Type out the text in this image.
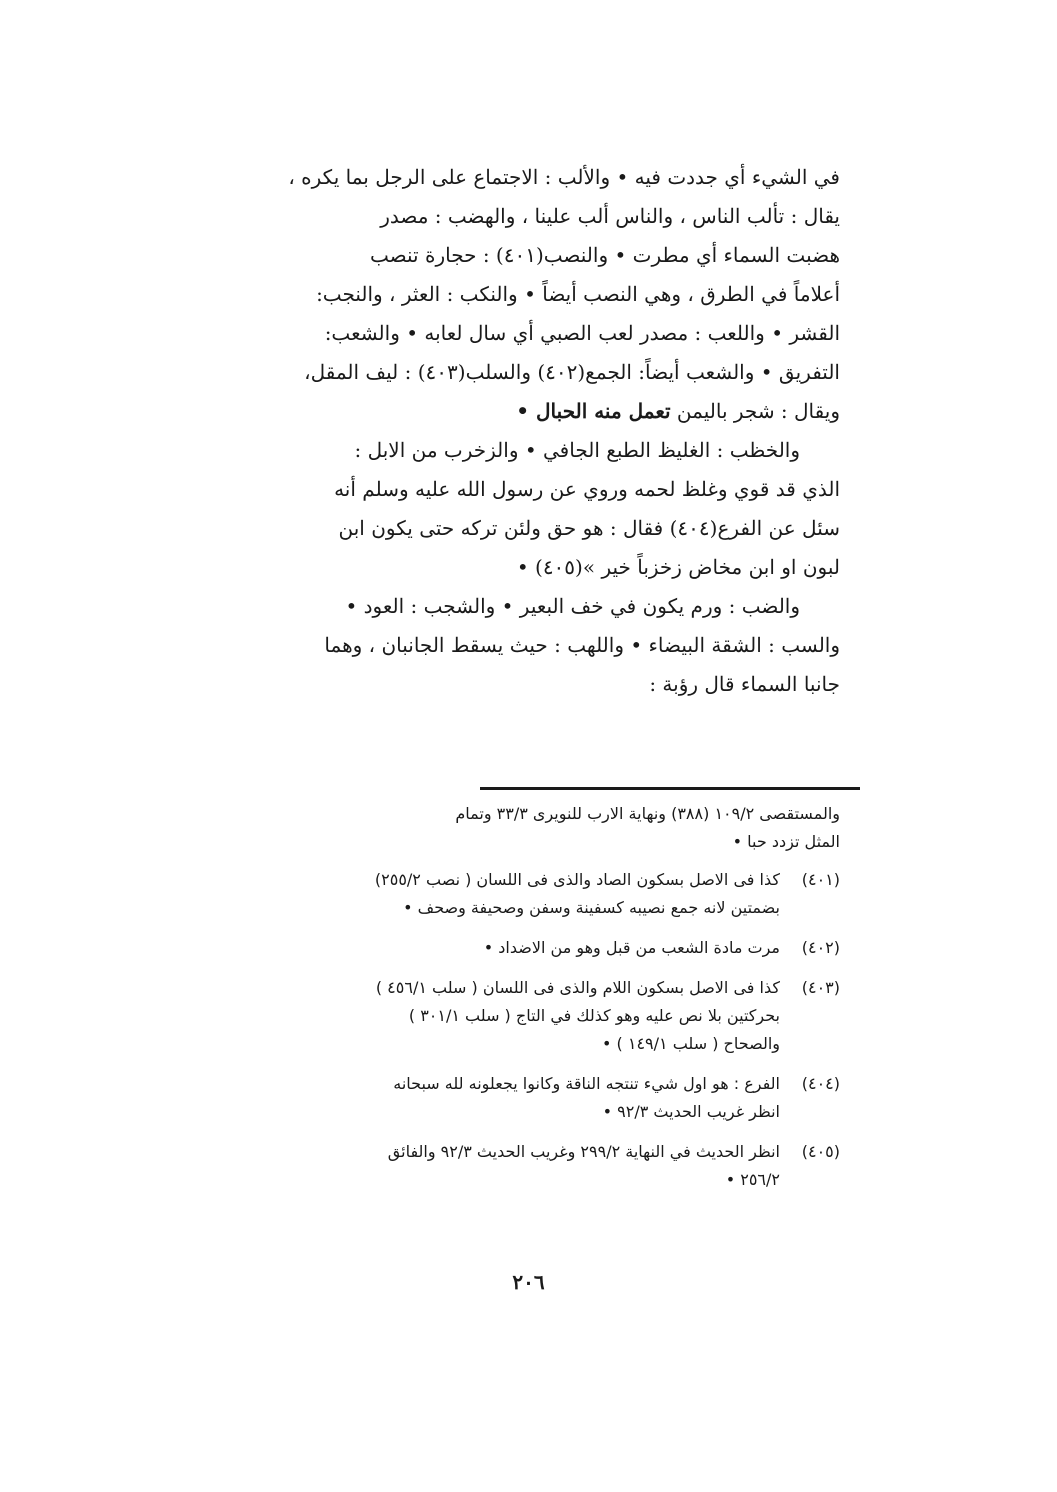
في الشيء أي جددت فيه • والألب : الاجتماع على الرجل بما يكره ،
يقال : تألب الناس ، والناس ألب علينا ، والهضب : مصدر
هضبت السماء أي مطرت • والنصب(٤٠١) : حجارة تنصب
أعلاماً في الطرق ، وهي النصب أيضاً • والنكب : العثر ، والنجب:
القشر • واللعب : مصدر لعب الصبي أي سال لعابه • والشعب:
التفريق • والشعب أيضاً: الجمع(٤٠٢) والسلب(٤٠٣) : ليف المقل،
ويقال : شجر باليمن تعمل منه الحبال •

والخظب : الغليظ الطبع الجافي • والزخرب من الابل :

الذي قد قوي وغلظ لحمه وروي عن رسول الله عليه وسلم أنه
سئل عن الفرع(٤٠٤) فقال : هو حق ولئن تركه حتى يكون ابن
لبون او ابن مخاض زخزباً خير »(٤٠٥) •

والضب : ورم يكون في خف البعير • والشجب : العود •

والسب : الشقة البيضاء • واللهب : حيث يسقط الجانبان ، وهما
جانبا السماء قال رؤبة :

والمستقصى ١٠٩/٢ (٣٨٨) ونهاية الارب للنويرى ٣٣/٣ وتمام
المثل تزدد حبا •
(٤٠١)
كذا فى الاصل بسكون الصاد والذى فى اللسان ( نصب ٢٥٥/٢)
بضمتين لانه جمع نصيبه كسفينة وسفن وصحيفة وصحف •
(٤٠٢)
مرت مادة الشعب من قبل وهو من الاضداد •
(٤٠٣)
كذا فى الاصل بسكون اللام والذى فى اللسان ( سلب ٤٥٦/١ )
بحركتين بلا نص عليه وهو كذلك في التاج ( سلب ٣٠١/١ )
والصحاح ( سلب ١٤٩/١ ) •
(٤٠٤)
الفرع : هو اول شيء تنتجه الناقة وكانوا يجعلونه لله سبحانه
انظر غريب الحديث ٩٢/٣ •
(٤٠٥)
انظر الحديث في النهاية ٢٩٩/٢ وغريب الحديث ٩٢/٣ والفائق
٢٥٦/٢ •
٢٠٦
